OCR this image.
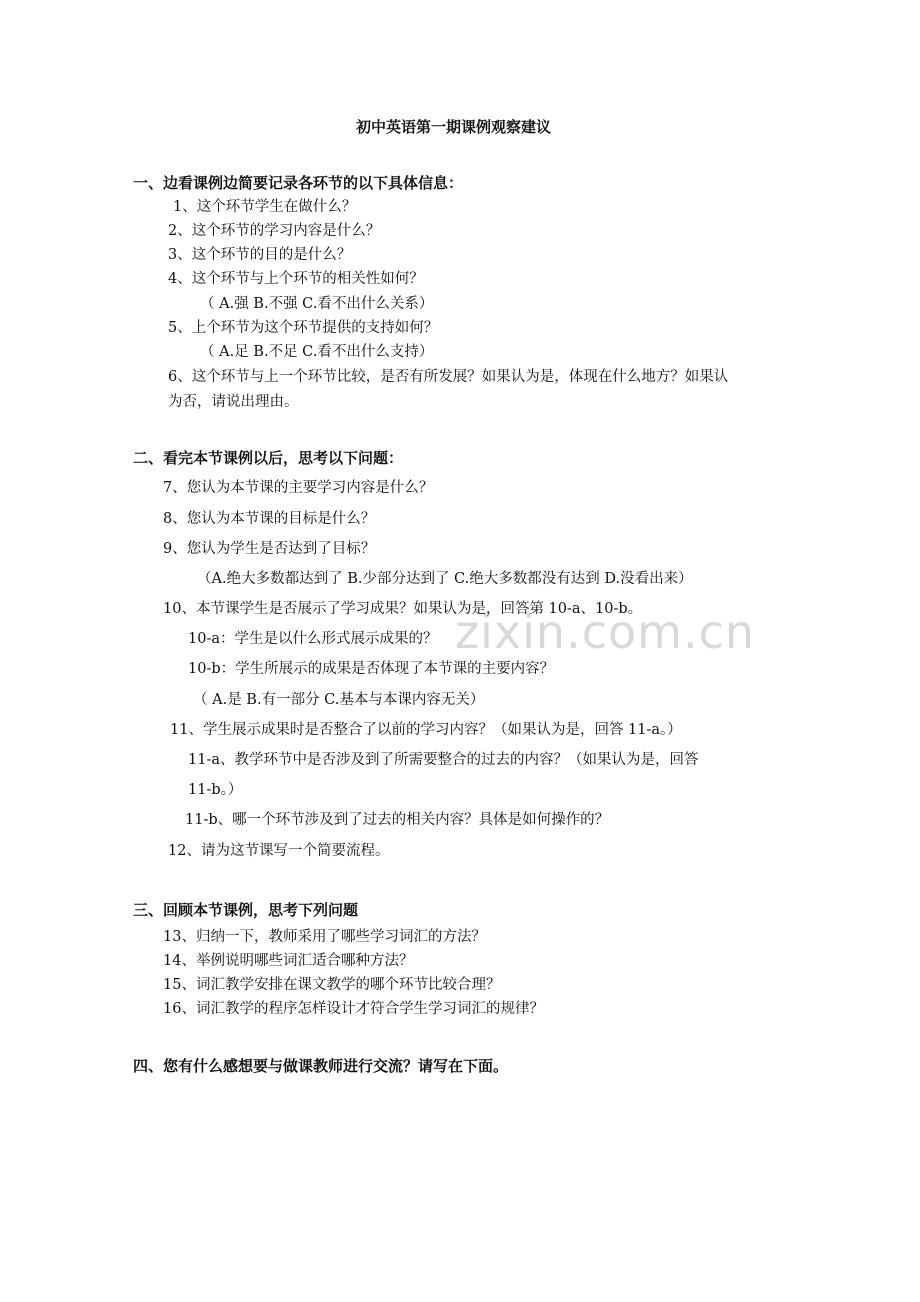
zixin.com.cn
初中英语第一期课例观察建议
一、边看课例边简要记录各环节的以下具体信息：
1、这个环节学生在做什么？
2、这个环节的学习内容是什么？
3、这个环节的目的是什么？
4、这个环节与上个环节的相关性如何？
（ A.强 B.不强 C.看不出什么关系）
5、上个环节为这个环节提供的支持如何？
（ A.足 B.不足 C.看不出什么支持）
6、这个环节与上一个环节比较，是否有所发展？如果认为是，体现在什么地方？如果认
为否，请说出理由。
二、看完本节课例以后，思考以下问题：
7、您认为本节课的主要学习内容是什么？
8、您认为本节课的目标是什么？
9、您认为学生是否达到了目标？
（A.绝大多数都达到了 B.少部分达到了 C.绝大多数都没有达到 D.没看出来）
10、本节课学生是否展示了学习成果？如果认为是，回答第 10-a、10-b。
10-a：学生是以什么形式展示成果的？
10-b：学生所展示的成果是否体现了本节课的主要内容？
（ A.是 B.有一部分 C.基本与本课内容无关）
11、学生展示成果时是否整合了以前的学习内容？（如果认为是，回答 11-a。）
11-a、教学环节中是否涉及到了所需要整合的过去的内容？（如果认为是，回答
11-b。）
11-b、哪一个环节涉及到了过去的相关内容？具体是如何操作的？
12、请为这节课写一个简要流程。
三、回顾本节课例，思考下列问题
13、归纳一下，教师采用了哪些学习词汇的方法？
14、举例说明哪些词汇适合哪种方法？
15、词汇教学安排在课文教学的哪个环节比较合理？
16、词汇教学的程序怎样设计才符合学生学习词汇的规律？
四、您有什么感想要与做课教师进行交流？请写在下面。
